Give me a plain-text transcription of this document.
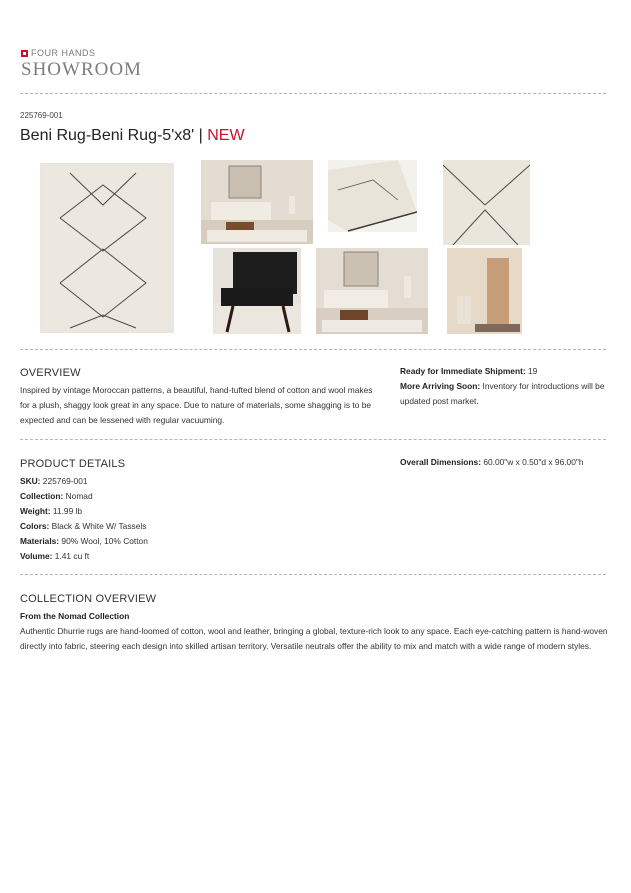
FOUR HANDS
SHOWROOM
225769-001
Beni Rug-Beni Rug-5'x8' | NEW
OVERVIEW
Inspired by vintage Moroccan patterns, a beautiful, hand-tufted blend of cotton and wool makes for a plush, shaggy look great in any space. Due to nature of materials, some shagging is to be expected and can be lessened with regular vacuuming.
Ready for Immediate Shipment: 19
More Arriving Soon: Inventory for introductions will be updated post market.
PRODUCT DETAILS
SKU: 225769-001
Collection: Nomad
Weight: 11.99 lb
Colors: Black & White W/ Tassels
Materials: 90% Wool, 10% Cotton
Volume: 1.41 cu ft
Overall Dimensions: 60.00"w x 0.50"d x 96.00"h
COLLECTION OVERVIEW
From the Nomad Collection
Authentic Dhurrie rugs are hand-loomed of cotton, wool and leather, bringing a global, texture-rich look to any space. Each eye-catching pattern is hand-woven directly into fabric, steering each design into skilled artisan territory. Versatile neutrals offer the ability to mix and match with a wide range of modern styles.
